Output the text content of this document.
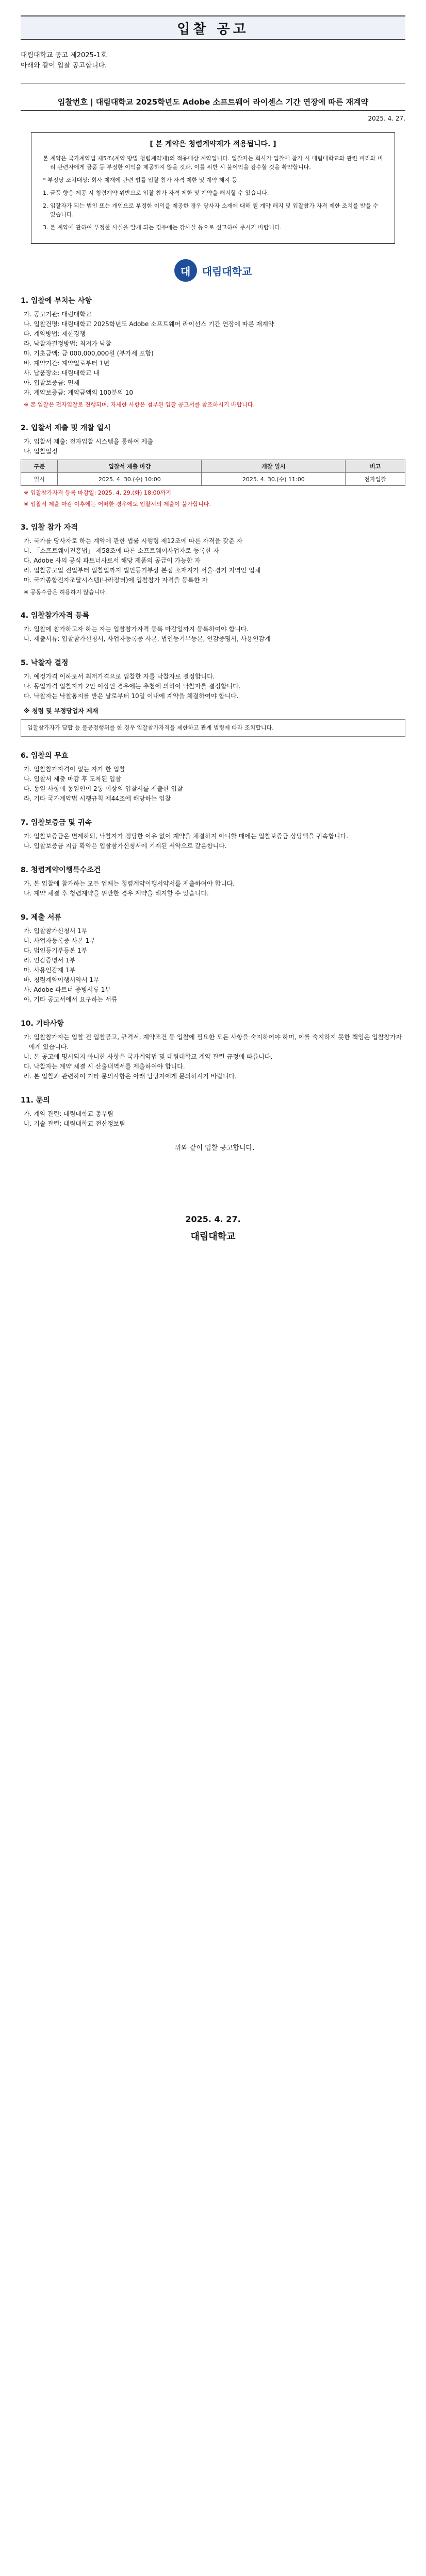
입찰 공고
대림대학교 공고 제2025-1호
아래와 같이 입찰 공고합니다.
입찰번호 | 대림대학교 2025학년도 Adobe 소프트웨어 라이센스 기간 연장에 따른 재계약
2025. 4. 27.
[ 본 계약은 청렴계약제가 적용됩니다. ]
본 계약은 국가계약법 제5조(계약 방법 청렴계약제)의 적용대상 계약입니다. 입찰자는 회사가 입찰에 참가 시 대림대학교와 관련 비리와 비리 관련자에게 금품 등 부정한 이익을 제공하지 않을 것과, 이를 위반 시 불이익을 감수할 것을 확약합니다.
* 부정당 조치대상: 회사 제재에 관련 법률 입찰 참가 자격 제한 및 계약 해지 등
1. 금품 향응 제공 시 청렴계약 위반으로 입찰 참가 자격 제한 및 계약을 해지할 수 있습니다.
2. 입찰자가 되는 법인 또는 개인으로 부정한 이익을 제공한 경우 당사자 소재에 대해 원 계약 해지 및 입찰참가 자격 제한 조치를 받을 수 있습니다.
3. 본 계약에 관하여 부정한 사실을 알게 되는 경우에는 감사실 등으로 신고하여 주시기 바랍니다.
대	대림대학교
1. 입찰에 부치는 사항
가. 공고기관: 대림대학교
나. 입찰건명: 대림대학교 2025학년도 Adobe 소프트웨어 라이선스 기간 연장에 따른 재계약
다. 계약방법: 제한경쟁
라. 낙찰자결정방법: 최저가 낙찰
마. 기초금액: 금 000,000,000원 (부가세 포함)
바. 계약기간: 계약일로부터 1년
사. 납품장소: 대림대학교 내
아. 입찰보증금: 면제
자. 계약보증금: 계약금액의 100분의 10
※ 본 입찰은 전자입찰로 진행되며, 자세한 사항은 첨부된 입찰 공고서를 참조하시기 바랍니다.
2. 입찰서 제출 및 개찰 일시
가. 입찰서 제출: 전자입찰 시스템을 통하여 제출
나. 입찰일정
구분	입찰서 제출 마감	개찰 일시	비고
일시	2025. 4. 30.(수) 10:00	2025. 4. 30.(수) 11:00	전자입찰
※ 입찰참가자격 등록 마감일: 2025. 4. 29.(화) 18:00까지
※ 입찰서 제출 마감 이후에는 어떠한 경우에도 입찰서의 제출이 불가합니다.
3. 입찰 참가 자격
가. 국가를 당사자로 하는 계약에 관한 법률 시행령 제12조에 따른 자격을 갖춘 자
나. 「소프트웨어진흥법」 제58조에 따른 소프트웨어사업자로 등록한 자
다. Adobe 사의 공식 파트너사로서 해당 제품의 공급이 가능한 자
라. 입찰공고일 전일부터 입찰일까지 법인등기부상 본점 소재지가 서울·경기 지역인 업체
마. 국가종합전자조달시스템(나라장터)에 입찰참가 자격을 등록한 자
※ 공동수급은 허용하지 않습니다.
4. 입찰참가자격 등록
가. 입찰에 참가하고자 하는 자는 입찰참가자격 등록 마감일까지 등록하여야 합니다.
나. 제출서류: 입찰참가신청서, 사업자등록증 사본, 법인등기부등본, 인감증명서, 사용인감계
5. 낙찰자 결정
가. 예정가격 이하로서 최저가격으로 입찰한 자를 낙찰자로 결정합니다.
나. 동일가격 입찰자가 2인 이상인 경우에는 추첨에 의하여 낙찰자를 결정합니다.
다. 낙찰자는 낙찰통지를 받은 날로부터 10일 이내에 계약을 체결하여야 합니다.
※ 청렴 및 부정당업자 제재
입찰참가자가 담합 등 불공정행위를 한 경우 입찰참가자격을 제한하고 관계 법령에 따라 조치합니다.
6. 입찰의 무효
가. 입찰참가자격이 없는 자가 한 입찰
나. 입찰서 제출 마감 후 도착된 입찰
다. 동일 사항에 동일인이 2통 이상의 입찰서를 제출한 입찰
라. 기타 국가계약법 시행규칙 제44조에 해당하는 입찰
7. 입찰보증금 및 귀속
가. 입찰보증금은 면제하되, 낙찰자가 정당한 이유 없이 계약을 체결하지 아니할 때에는 입찰보증금 상당액을 귀속합니다.
나. 입찰보증금 지급 확약은 입찰참가신청서에 기재된 서약으로 갈음합니다.
8. 청렴계약이행특수조건
가. 본 입찰에 참가하는 모든 업체는 청렴계약이행서약서를 제출하여야 합니다.
나. 계약 체결 후 청렴계약을 위반한 경우 계약을 해지할 수 있습니다.
9. 제출 서류
가. 입찰참가신청서 1부
나. 사업자등록증 사본 1부
다. 법인등기부등본 1부
라. 인감증명서 1부
마. 사용인감계 1부
바. 청렴계약이행서약서 1부
사. Adobe 파트너 증빙서류 1부
아. 기타 공고서에서 요구하는 서류
10. 기타사항
가. 입찰참가자는 입찰 전 입찰공고, 규격서, 계약조건 등 입찰에 필요한 모든 사항을 숙지하여야 하며, 이를 숙지하지 못한 책임은 입찰참가자에게 있습니다.
나. 본 공고에 명시되지 아니한 사항은 국가계약법 및 대림대학교 계약 관련 규정에 따릅니다.
다. 낙찰자는 계약 체결 시 산출내역서를 제출하여야 합니다.
라. 본 입찰과 관련하여 기타 문의사항은 아래 담당자에게 문의하시기 바랍니다.
11. 문의
가. 계약 관련: 대림대학교 총무팀
나. 기술 관련: 대림대학교 전산정보팀
위와 같이 입찰 공고합니다.
2025. 4. 27.
대림대학교
